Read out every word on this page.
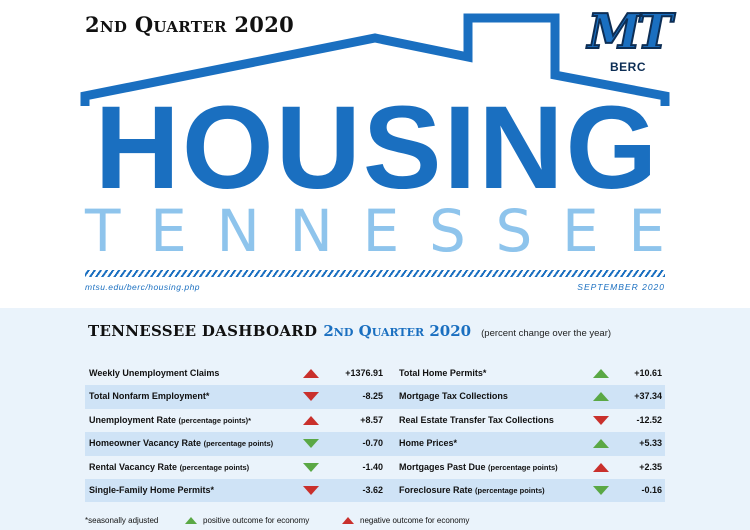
2nd Quarter 2020	MT
BERC
HOUSING
T E N N E S S E E
mtsu.edu/berc/housing.php	SEPTEMBER 2020
TENNESSEE DASHBOARD 2nd Quarter 2020 (percent change over the year)
Weekly Unemployment Claims	+1376.91 Total Home Permits*	+10.61
Total Nonfarm Employment*	-8.25 Mortgage Tax Collections	+37.34
Unemployment Rate (percentage points)*	+8.57 Real Estate Transfer Tax Collections	-12.52
Homeowner Vacancy Rate (percentage points)	-0.70 Home Prices*	+5.33
Rental Vacancy Rate (percentage points)	-1.40 Mortgages Past Due (percentage points)	+2.35
Single-Family Home Permits*	-3.62 Foreclosure Rate (percentage points)	-0.16
*seasonally adjusted	positive outcome for economy	negative outcome for economy
